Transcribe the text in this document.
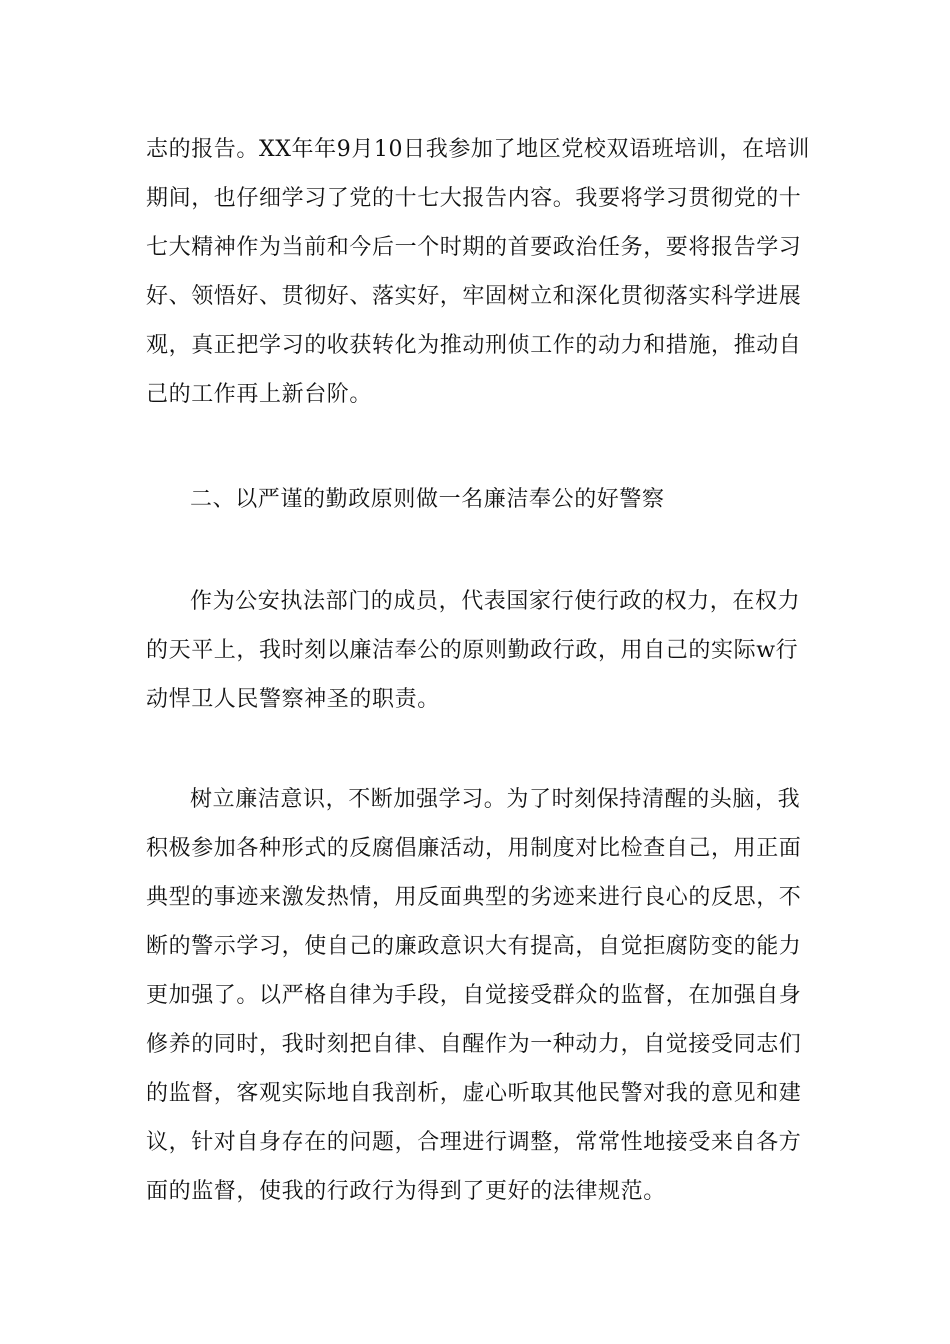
志的报告。XX年年9月10日我参加了地区党校双语班培训，在培训
期间，也仔细学习了党的十七大报告内容。我要将学习贯彻党的十
七大精神作为当前和今后一个时期的首要政治任务，要将报告学习
好、领悟好、贯彻好、落实好，牢固树立和深化贯彻落实科学进展
观，真正把学习的收获转化为推动刑侦工作的动力和措施，推动自
己的工作再上新台阶。
二、以严谨的勤政原则做一名廉洁奉公的好警察
作为公安执法部门的成员，代表国家行使行政的权力，在权力
的天平上，我时刻以廉洁奉公的原则勤政行政，用自己的实际w行
动悍卫人民警察神圣的职责。
树立廉洁意识，不断加强学习。为了时刻保持清醒的头脑，我
积极参加各种形式的反腐倡廉活动，用制度对比检查自己，用正面
典型的事迹来激发热情，用反面典型的劣迹来进行良心的反思，不
断的警示学习，使自己的廉政意识大有提高，自觉拒腐防变的能力
更加强了。以严格自律为手段，自觉接受群众的监督，在加强自身
修养的同时，我时刻把自律、自醒作为一种动力，自觉接受同志们
的监督，客观实际地自我剖析，虚心听取其他民警对我的意见和建
议，针对自身存在的问题，合理进行调整，常常性地接受来自各方
面的监督，使我的行政行为得到了更好的法律规范。
